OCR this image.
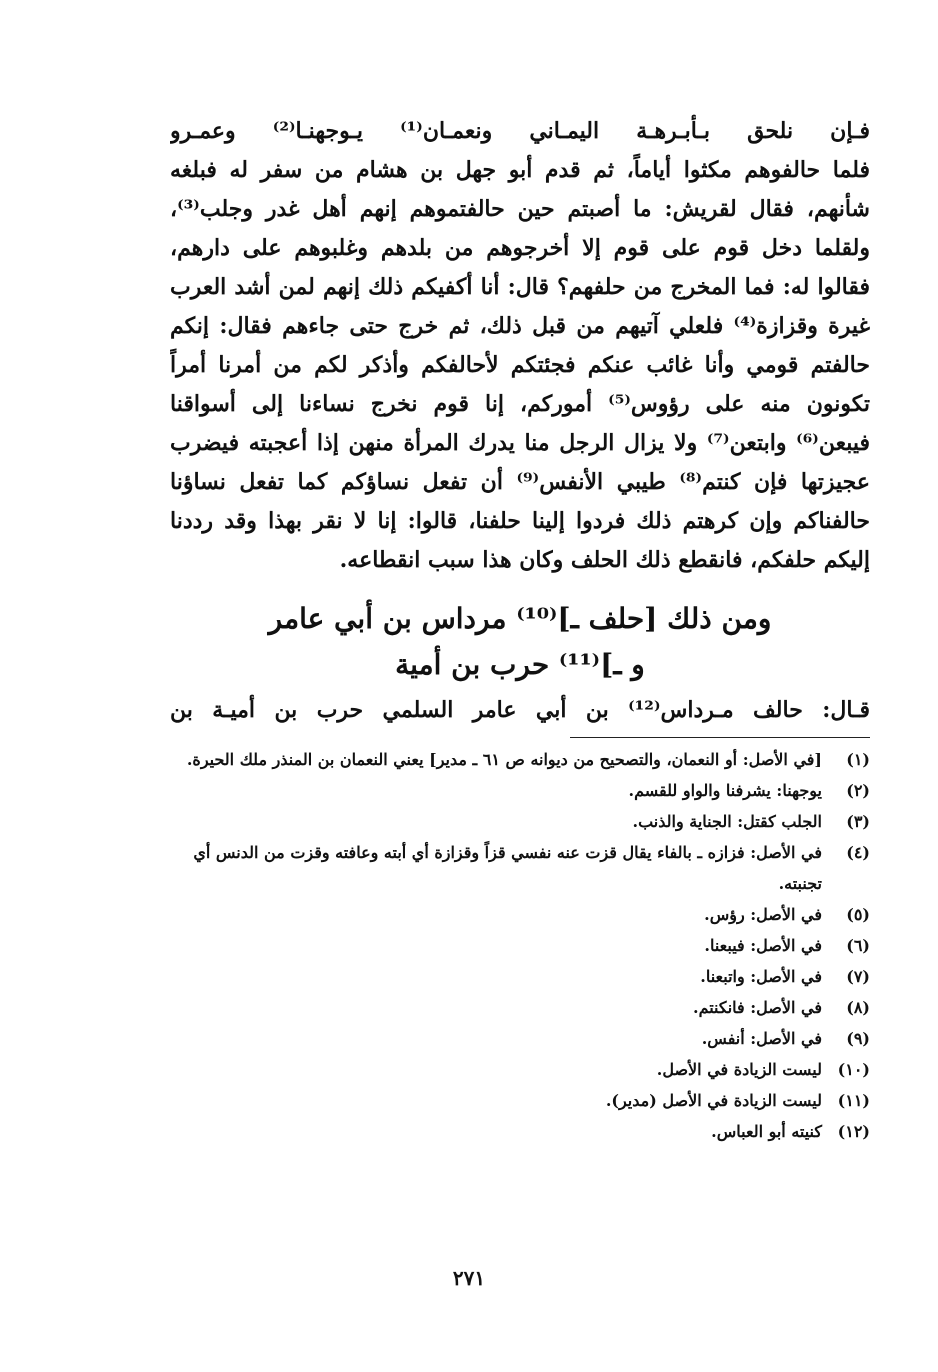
فـإن نلحق بـأبـرهـة اليمـاني ونعمـان⁽¹⁾ يـوجهنـا⁽²⁾ وعمـرو
فلما حالفوهم مكثوا أياماً، ثم قدم أبو جهل بن هشام من سفر له فبلغه
شأنهم، فقال لقريش: ما أصبتم حين حالفتموهم إنهم أهل غدر وجلب⁽³⁾،
ولقلما دخل قوم على قوم إلا أخرجوهم من بلدهم وغلبوهم على دارهم،
فقالوا له: فما المخرج من حلفهم؟ قال: أنا أكفيكم ذلك إنهم لمن أشد العرب
غيرة وقزازة⁽⁴⁾ فلعلي آتيهم من قبل ذلك، ثم خرج حتى جاءهم فقال: إنكم
حالفتم قومي وأنا غائب عنكم فجئتكم لأحالفكم وأذكر لكم من أمرنا أمراً
تكونون منه على رؤوس⁽⁵⁾ أموركم، إنا قوم نخرج نساءنا إلى أسواقنا
فيبعن⁽⁶⁾ وابتعن⁽⁷⁾ ولا يزال الرجل منا يدرك المرأة منهن إذا أعجبته فيضرب
عجيزتها فإن كنتم⁽⁸⁾ طيبي الأنفس⁽⁹⁾ أن تفعل نساؤكم كما تفعل نساؤنا
حالفناكم وإن كرهتم ذلك فردوا إلينا حلفنا، قالوا: إنا لا نقر بهذا وقد رددنا
إليكم حلفكم، فانقطع ذلك الحلف وكان هذا سبب انقطاعه.
ومن ذلك [حلف ـ]⁽¹⁰⁾ مرداس بن أبي عامر
و ـ]⁽¹¹⁾ حرب بن أمية
قـال: حالف مـرداس⁽¹²⁾ بن أبي عامر السلمي حرب بن أميـة بن
(١)
[في الأصل: أو النعمان، والتصحيح من ديوانه ص ٦١ ـ مدير] يعني النعمان بن المنذر ملك الحيرة.
(٢)
يوجهنا: يشرفنا والواو للقسم.
(٣)
الجلب كقتل: الجناية والذنب.
(٤)
في الأصل: فزازه ـ بالفاء يقال قزت عنه نفسي قزاً وقزازة أي أبته وعافته وقزت من الدنس أي تجنبته.
(٥)
في الأصل: رؤس.
(٦)
في الأصل: فيبعنا.
(٧)
في الأصل: واتبعنا.
(٨)
في الأصل: فانكنتم.
(٩)
في الأصل: أنفس.
(١٠)
ليست الزيادة في الأصل.
(١١)
ليست الزيادة في الأصل (مدير).
(١٢)
كنيته أبو العباس.
٢٧١
